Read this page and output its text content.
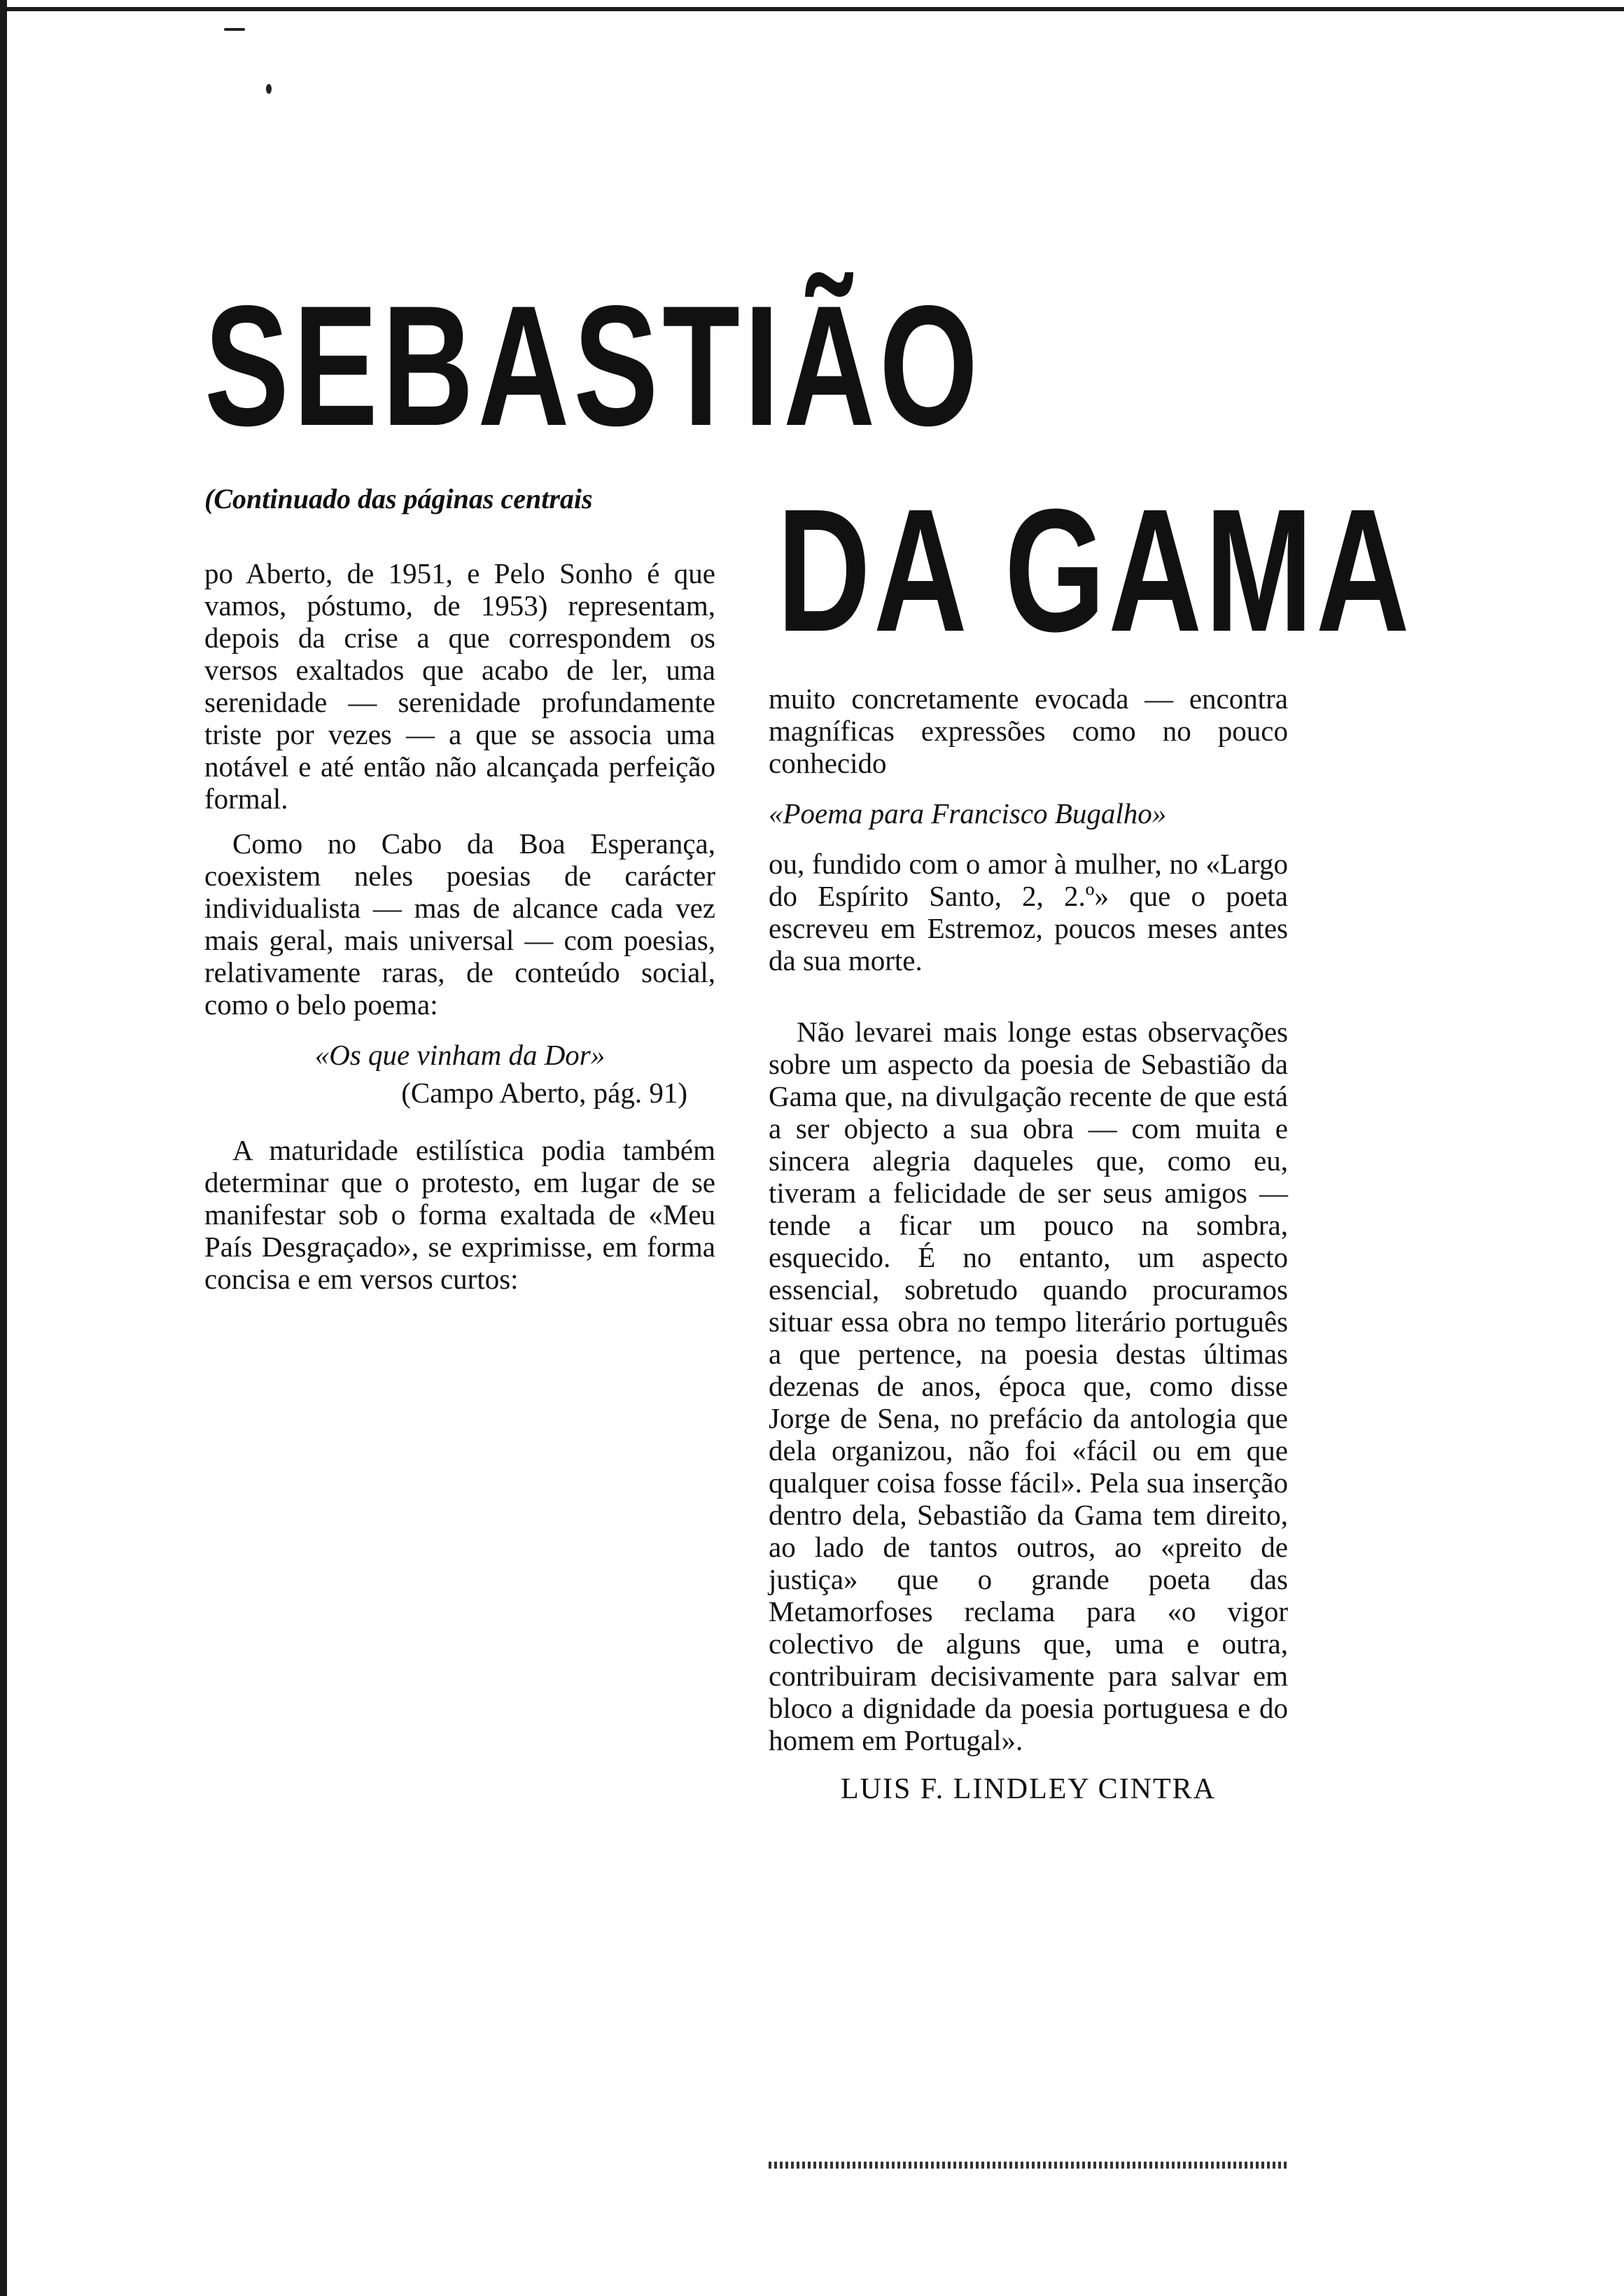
SEBASTIÃO
DA GAMA

(Continuado das páginas centrais

po Aberto, de 1951, e Pelo Sonho é que vamos, póstumo, de 1953) representam, depois da crise a que correspondem os versos exaltados que acabo de ler, uma serenidade — serenidade profundamente triste por vezes — a que se associa uma notável e até então não alcançada perfeição formal.

Como no Cabo da Boa Esperança, coexistem neles poesias de carácter individualista — mas de alcance cada vez mais geral, mais universal — com poesias, relativamente raras, de conteúdo social, como o belo poema:

«Os que vinham da Dor»
(Campo Aberto, pág. 91)

A maturidade estilística podia também determinar que o protesto, em lugar de se manifestar sob o forma exaltada de «Meu País Desgraçado», se exprimisse, em forma concisa e em versos curtos:

muito concretamente evocada — encontra magníficas expressões como no pouco conhecido

«Poema para Francisco Bugalho»

ou, fundido com o amor à mulher, no «Largo do Espírito Santo, 2, 2.º» que o poeta escreveu em Estremoz, poucos meses antes da sua morte.

Não levarei mais longe estas observações sobre um aspecto da poesia de Sebastião da Gama que, na divulgação recente de que está a ser objecto a sua obra — com muita e sincera alegria daqueles que, como eu, tiveram a felicidade de ser seus amigos — tende a ficar um pouco na sombra, esquecido. É no entanto, um aspecto essencial, sobretudo quando procuramos situar essa obra no tempo literário português a que pertence, na poesia destas últimas dezenas de anos, época que, como disse Jorge de Sena, no prefácio da antologia que dela organizou, não foi «fácil ou em que qualquer coisa fosse fácil». Pela sua inserção dentro dela, Sebastião da Gama tem direito, ao lado de tantos outros, ao «preito de justiça» que o grande poeta das Metamorfoses reclama para «o vigor colectivo de alguns que, uma e outra, contribuiram decisivamente para salvar em bloco a dignidade da poesia portuguesa e do homem em Portugal».

LUIS F. LINDLEY CINTRA
